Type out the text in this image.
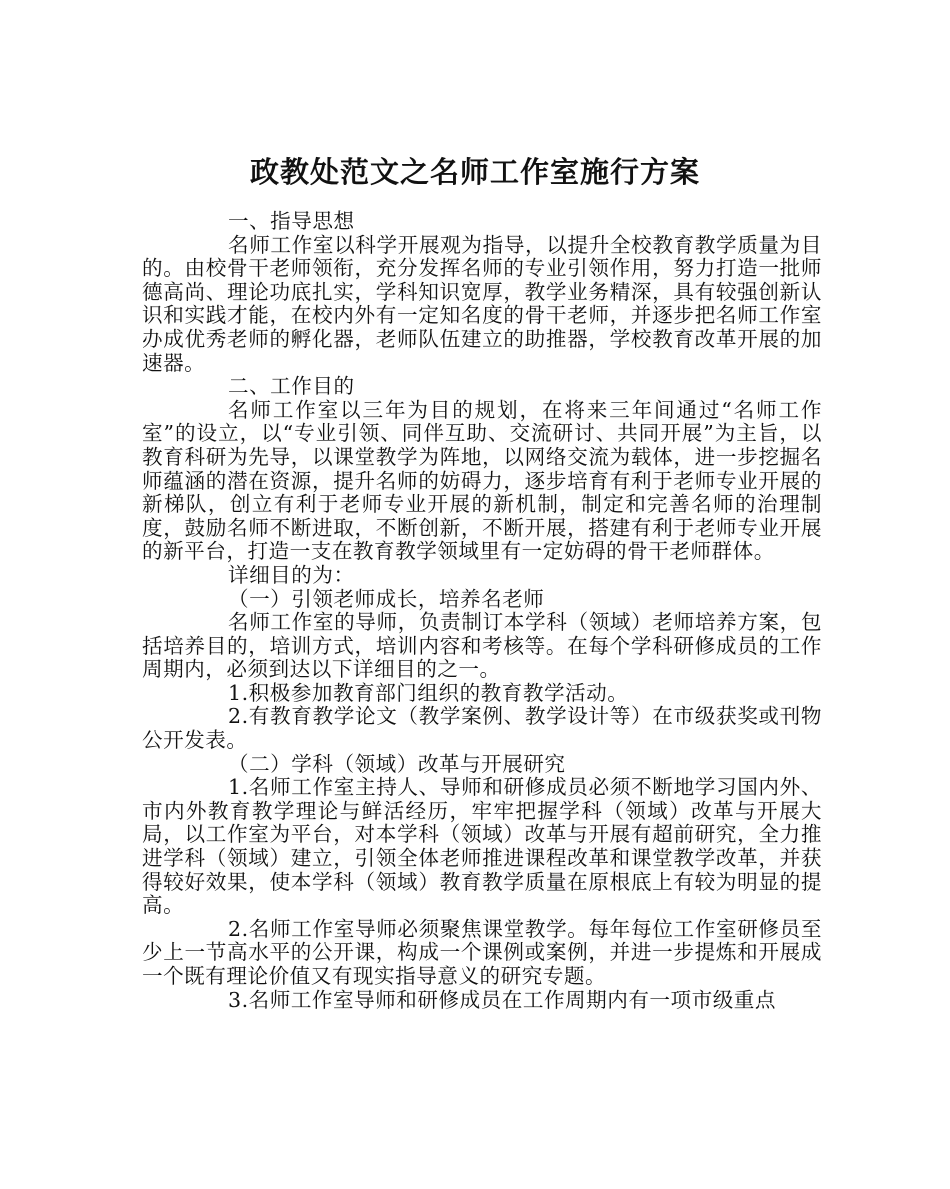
政教处范文之名师工作室施行方案

一、指导思想

名师工作室以科学开展观为指导，以提升全校教育教学质量为目的。由校骨干老师领衔，充分发挥名师的专业引领作用，努力打造一批师德高尚、理论功底扎实，学科知识宽厚，教学业务精深，具有较强创新认识和实践才能，在校内外有一定知名度的骨干老师，并逐步把名师工作室办成优秀老师的孵化器，老师队伍建立的助推器，学校教育改革开展的加速器。

二、工作目的

名师工作室以三年为目的规划，在将来三年间通过“名师工作室”的设立，以“专业引领、同伴互助、交流研讨、共同开展”为主旨，以教育科研为先导，以课堂教学为阵地，以网络交流为载体，进一步挖掘名师蕴涵的潜在资源，提升名师的妨碍力，逐步培育有利于老师专业开展的新梯队，创立有利于老师专业开展的新机制，制定和完善名师的治理制度，鼓励名师不断进取，不断创新，不断开展，搭建有利于老师专业开展的新平台，打造一支在教育教学领域里有一定妨碍的骨干老师群体。

详细目的为：

（一）引领老师成长，培养名老师

名师工作室的导师，负责制订本学科（领域）老师培养方案，包括培养目的，培训方式，培训内容和考核等。在每个学科研修成员的工作周期内，必须到达以下详细目的之一。

1.积极参加教育部门组织的教育教学活动。

2.有教育教学论文（教学案例、教学设计等）在市级获奖或刊物公开发表。

（二）学科（领域）改革与开展研究

1.名师工作室主持人、导师和研修成员必须不断地学习国内外、市内外教育教学理论与鲜活经历，牢牢把握学科（领域）改革与开展大局，以工作室为平台，对本学科（领域）改革与开展有超前研究，全力推进学科（领域）建立，引领全体老师推进课程改革和课堂教学改革，并获得较好效果，使本学科（领域）教育教学质量在原根底上有较为明显的提高。

2.名师工作室导师必须聚焦课堂教学。每年每位工作室研修员至少上一节高水平的公开课，构成一个课例或案例，并进一步提炼和开展成一个既有理论价值又有现实指导意义的研究专题。

3.名师工作室导师和研修成员在工作周期内有一项市级重点
